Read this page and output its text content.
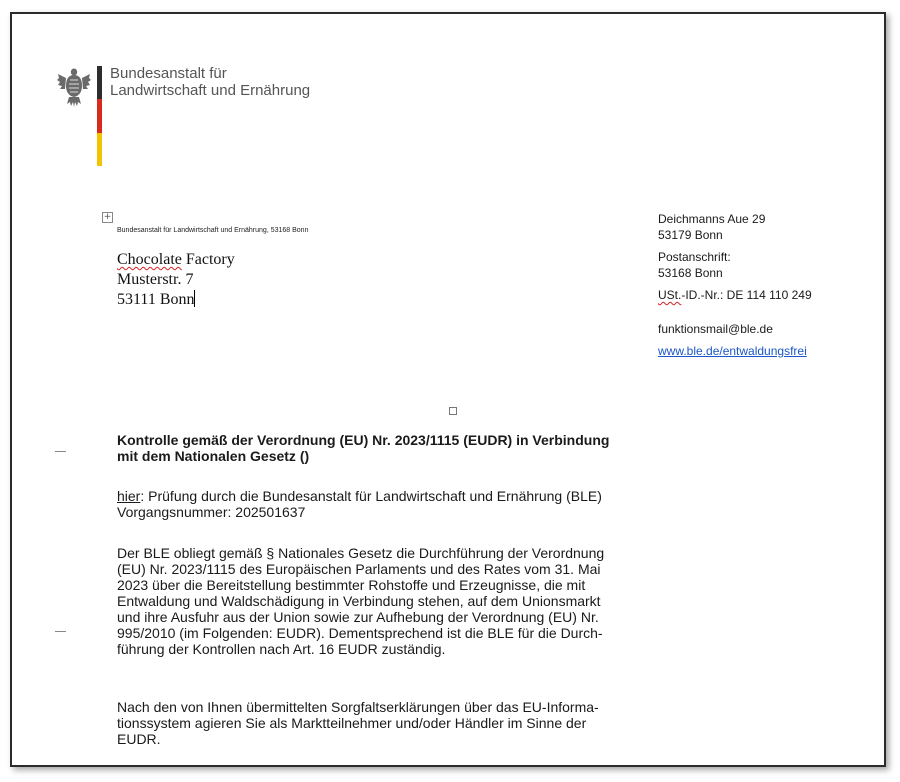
Bundesanstalt für
Landwirtschaft und Ernährung
+
Bundesanstalt für Landwirtschaft und Ernährung, 53168 Bonn
Chocolate Factory
Musterstr. 7
53111 Bonn

Deichmanns Aue 29

53179 Bonn

Postanschrift:

53168 Bonn

USt.-ID.-Nr.: DE 114 110 249

funktionsmail@ble.de

www.ble.de/entwaldungsfrei

Kontrolle gemäß der Verordnung (EU) Nr. 2023/1115 (EUDR) in Verbindung
mit dem Nationalen Gesetz ()
hier: Prüfung durch die Bundesanstalt für Landwirtschaft und Ernährung (BLE)
Vorgangsnummer: 202501637
Der BLE obliegt gemäß § Nationales Gesetz die Durchführung der Verordnung
(EU) Nr. 2023/1115 des Europäischen Parlaments und des Rates vom 31. Mai
2023 über die Bereitstellung bestimmter Rohstoffe und Erzeugnisse, die mit
Entwaldung und Waldschädigung in Verbindung stehen, auf dem Unionsmarkt
und ihre Ausfuhr aus der Union sowie zur Aufhebung der Verordnung (EU) Nr.
995/2010 (im Folgenden: EUDR). Dementsprechend ist die BLE für die Durch-
führung der Kontrollen nach Art. 16 EUDR zuständig.
Nach den von Ihnen übermittelten Sorgfaltserklärungen über das EU-Informa-
tionssystem agieren Sie als Marktteilnehmer und/oder Händler im Sinne der
EUDR.
